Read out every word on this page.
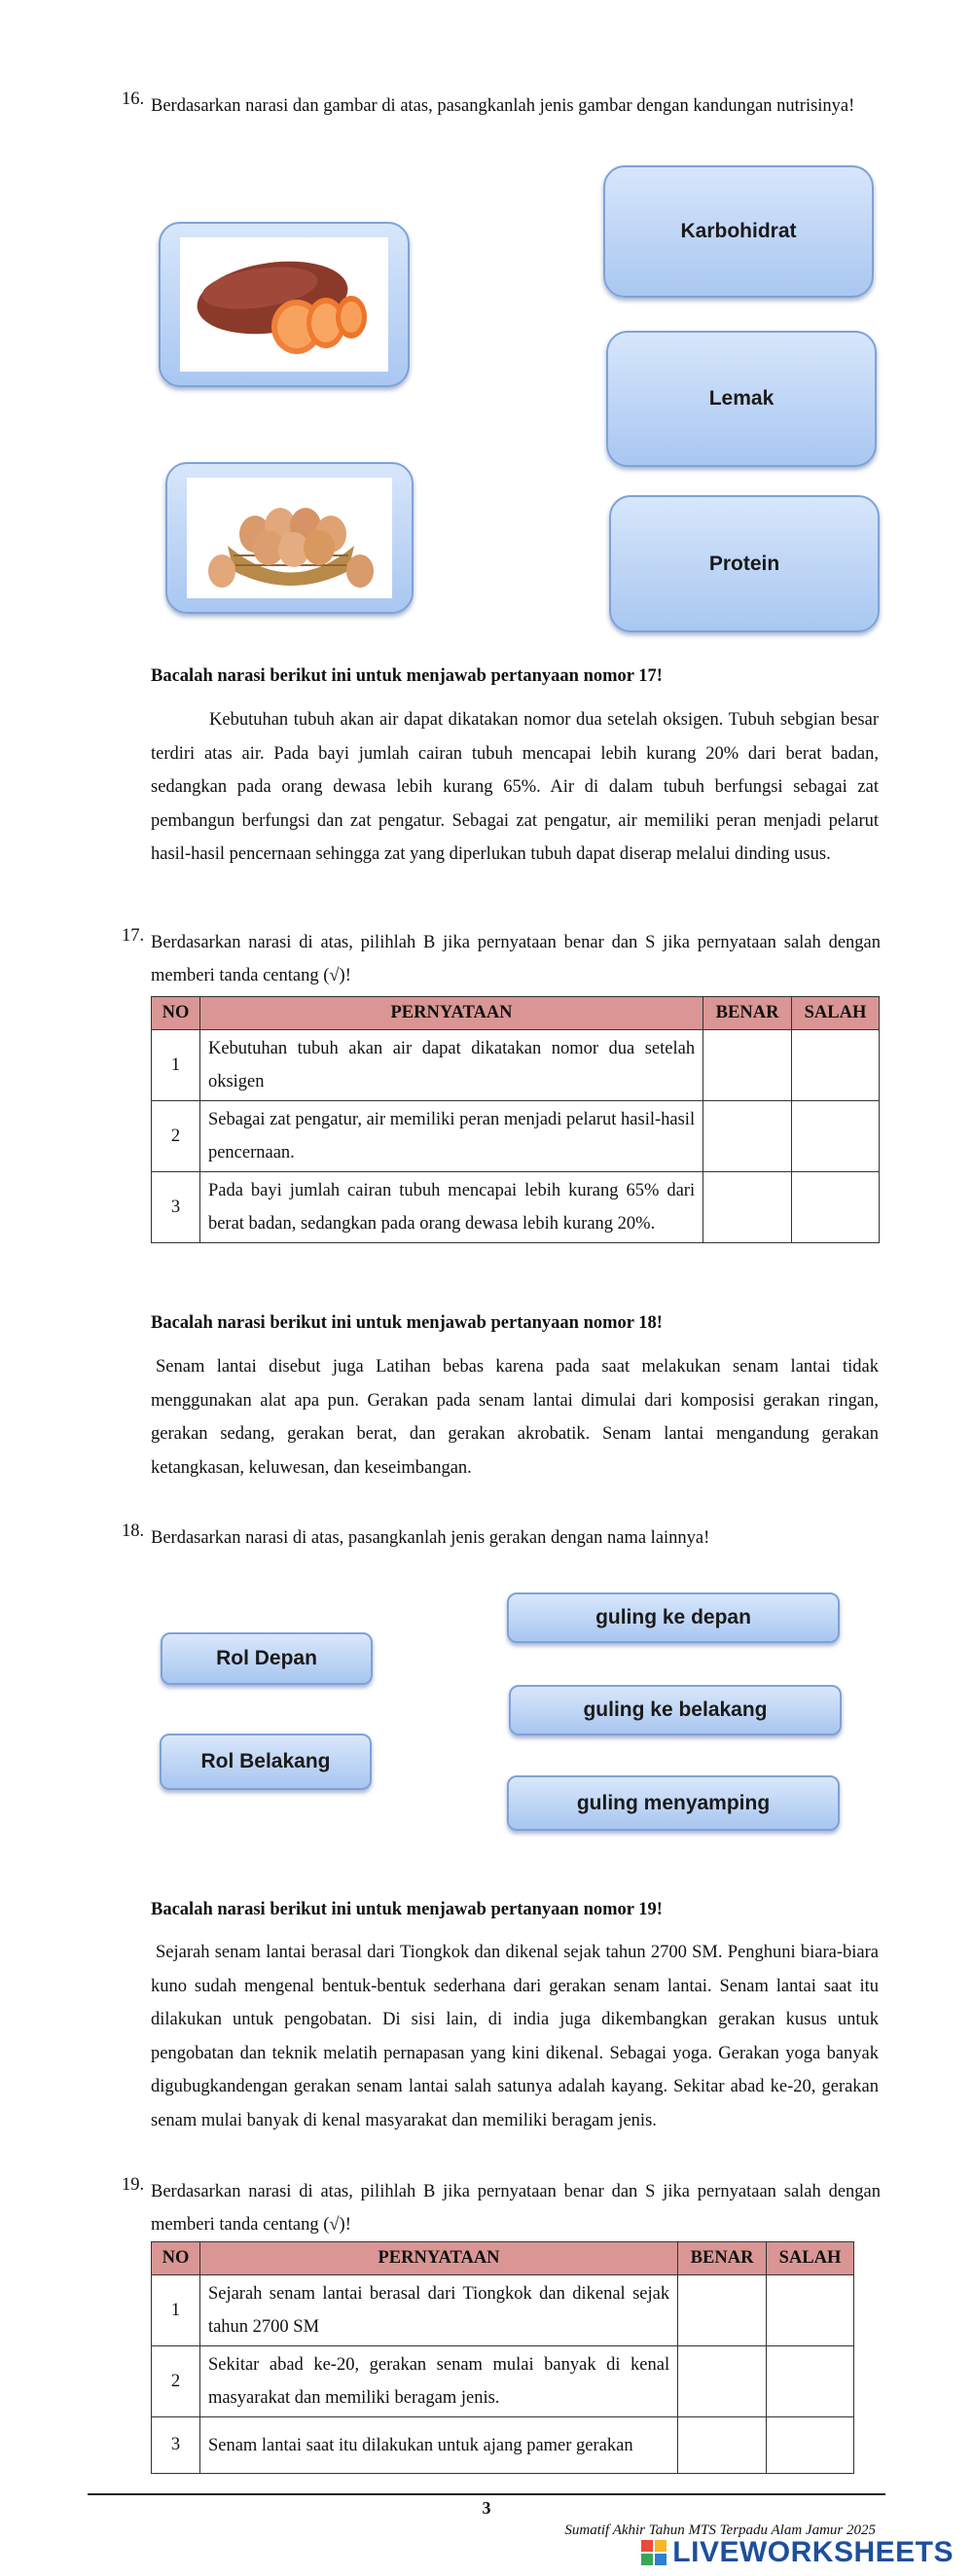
16. Berdasarkan narasi dan gambar di atas, pasangkanlah jenis gambar dengan kandungan nutrisinya!
Karbohidrat
Lemak
Protein
Bacalah narasi berikut ini untuk menjawab pertanyaan nomor 17!
Kebutuhan tubuh akan air dapat dikatakan nomor dua setelah oksigen. Tubuh sebgian besar terdiri atas air. Pada bayi jumlah cairan tubuh mencapai lebih kurang 20% dari berat badan, sedangkan pada orang dewasa lebih kurang 65%. Air di dalam tubuh berfungsi sebagai zat pembangun berfungsi dan zat pengatur. Sebagai zat pengatur, air memiliki peran menjadi pelarut hasil-hasil pencernaan sehingga zat yang diperlukan tubuh dapat diserap melalui dinding usus.
17. Berdasarkan narasi di atas, pilihlah B jika pernyataan benar dan S jika pernyataan salah dengan memberi tanda centang (√)!
NO	PERNYATAAN	BENAR	SALAH
1	Kebutuhan tubuh akan air dapat dikatakan nomor dua setelah oksigen		
2	Sebagai zat pengatur, air memiliki peran menjadi pelarut hasil-hasil pencernaan.		
3	Pada bayi jumlah cairan tubuh mencapai lebih kurang 65% dari berat badan, sedangkan pada orang dewasa lebih kurang 20%.		
Bacalah narasi berikut ini untuk menjawab pertanyaan nomor 18!
Senam lantai disebut juga Latihan bebas karena pada saat melakukan senam lantai tidak menggunakan alat apa pun. Gerakan pada senam lantai dimulai dari komposisi gerakan ringan, gerakan sedang, gerakan berat, dan gerakan akrobatik. Senam lantai mengandung gerakan ketangkasan, keluwesan, dan keseimbangan.
18. Berdasarkan narasi di atas, pasangkanlah jenis gerakan dengan nama lainnya!
Rol Depan
Rol Belakang
guling ke depan
guling ke belakang
guling menyamping
Bacalah narasi berikut ini untuk menjawab pertanyaan nomor 19!
Sejarah senam lantai berasal dari Tiongkok dan dikenal sejak tahun 2700 SM. Penghuni biara-biara kuno sudah mengenal bentuk-bentuk sederhana dari gerakan senam lantai. Senam lantai saat itu dilakukan untuk pengobatan. Di sisi lain, di india juga dikembangkan gerakan kusus untuk pengobatan dan teknik melatih pernapasan yang kini dikenal. Sebagai yoga. Gerakan yoga banyak digubugkandengan gerakan senam lantai salah satunya adalah kayang. Sekitar abad ke-20, gerakan senam mulai banyak di kenal masyarakat dan memiliki beragam jenis.
19. Berdasarkan narasi di atas, pilihlah B jika pernyataan benar dan S jika pernyataan salah dengan memberi tanda centang (√)!
NO	PERNYATAAN	BENAR	SALAH
1	Sejarah senam lantai berasal dari Tiongkok dan dikenal sejak tahun 2700 SM		
2	Sekitar abad ke-20, gerakan senam mulai banyak di kenal masyarakat dan memiliki beragam jenis.		
3	Senam lantai saat itu dilakukan untuk ajang pamer gerakan		
3
Sumatif Akhir Tahun MTS Terpadu Alam Jamur 2025
LIVEWORKSHEETS
